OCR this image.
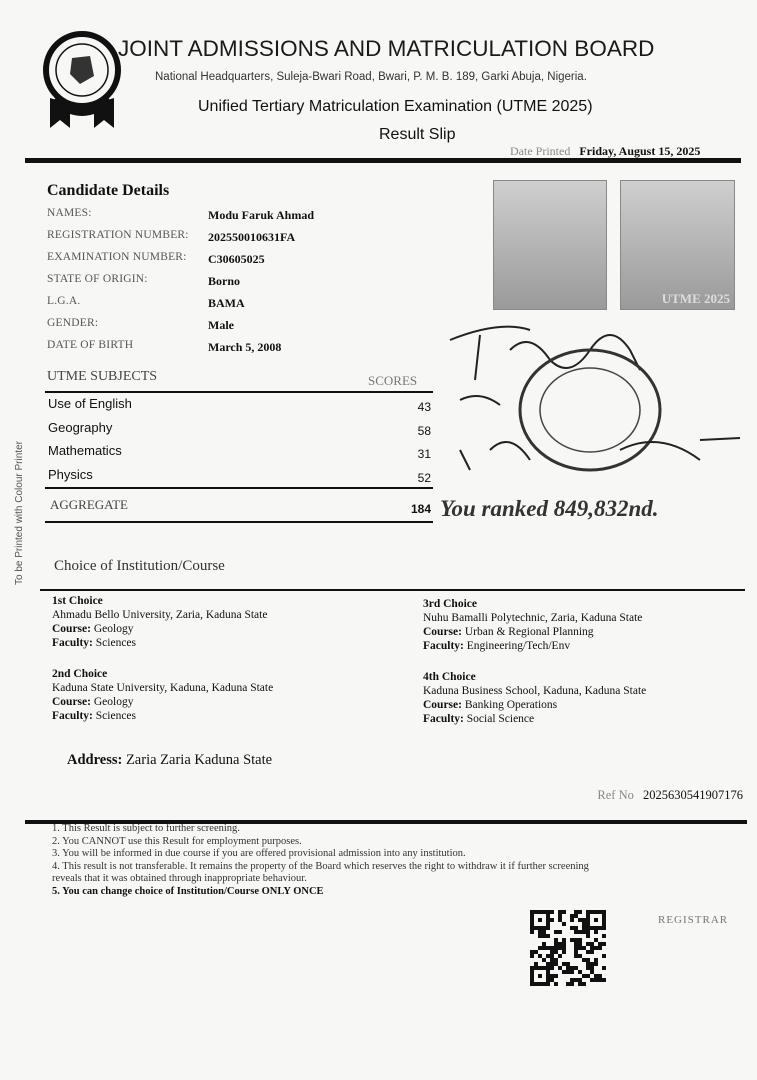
JOINT ADMISSIONS AND MATRICULATION BOARD
National Headquarters, Suleja-Bwari Road, Bwari, P. M. B. 189, Garki Abuja, Nigeria.
Unified Tertiary Matriculation Examination (UTME 2025)
Result Slip
Date Printed Friday, August 15, 2025
Candidate Details
NAMES:	Modu Faruk Ahmad
REGISTRATION NUMBER: 202550010631FA
EXAMINATION NUMBER: C30605025
STATE OF ORIGIN:	Borno
L.G.A.	BAMA
GENDER:	Male
DATE OF BIRTH	March 5, 2008
UTME 2025
UTME SUBJECTS	SCORES
Use of English	43
Geography	58
Mathematics	31
Physics	52
AGGREGATE	184 You ranked 849,832nd.
To be Printed with Colour Printer Choice of Institution/Course
1st Choice
Ahmadu Bello University, Zaria, Kaduna State
Course: Geology
Faculty: Sciences
2nd Choice
Kaduna State University, Kaduna, Kaduna State
Course: Geology
Faculty: Sciences
3rd Choice
Nuhu Bamalli Polytechnic, Zaria, Kaduna State
Course: Urban & Regional Planning
Faculty: Engineering/Tech/Env
4th Choice
Kaduna Business School, Kaduna, Kaduna State
Course: Banking Operations
Faculty: Social Science
Address: Zaria Zaria Kaduna State
Ref No 2025630541907176
1. This Result is subject to further screening.
2. You CANNOT use this Result for employment purposes.
3. You will be informed in due course if you are offered provisional admission into any institution.
4. This result is not transferable. It remains the property of the Board which reserves the right to withdraw it if further screening
reveals that it was obtained through inappropriate behaviour.
5. You can change choice of Institution/Course ONLY ONCE
REGISTRAR
